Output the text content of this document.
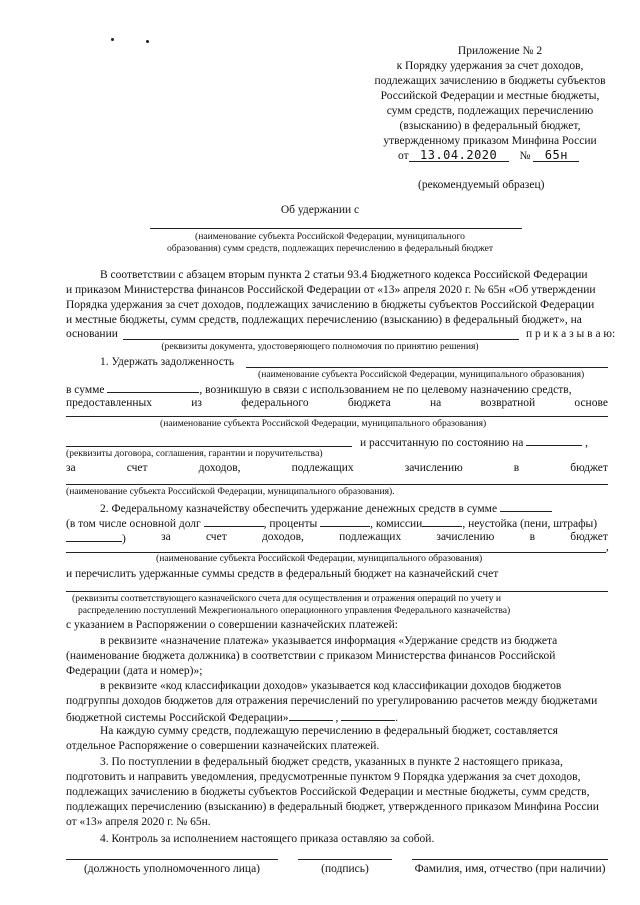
Приложение № 2
к Порядку удержания за счет доходов,
подлежащих зачислению в бюджеты субъектов
Российской Федерации и местные бюджеты,
сумм средств, подлежащих перечислению
(взысканию) в федеральный бюджет,
утвержденному приказом Минфина России
от 13.04.2020 № 65н
(рекомендуемый образец)
Об удержании с
(наименование субъекта Российской Федерации, муниципального
образования) сумм средств, подлежащих перечислению в федеральный бюджет
В соответствии с абзацем вторым пункта 2 статьи 93.4 Бюджетного кодекса Российской Федерации
и приказом Министерства финансов Российской Федерации от «13» апреля 2020 г. № 65н «Об утверждении
Порядка удержания за счет доходов, подлежащих зачислению в бюджеты субъектов Российской Федерации
и местные бюджеты, сумм средств, подлежащих перечислению (взысканию) в федеральный бюджет», на
основании	п р и к а з ы в а ю:
(реквизиты документа, удостоверяющего полномочия по принятию решения)
1. Удержать задолженность
(наименование субъекта Российской Федерации, муниципального образования)
в сумме	, возникшую в связи с использованием не по целевому назначению средств,
предоставленных	из	федерального	бюджета	на	возвратной	основе
(наименование субъекта Российской Федерации, муниципального образования)
и рассчитанную по состоянию на	,
(реквизиты договора, соглашения, гарантии и поручительства)
за	счет	доходов,	подлежащих	зачислению	в	бюджет
(наименование субъекта Российской Федерации, муниципального образования).
2. Федеральному казначейству обеспечить удержание денежных средств в сумме
(в том числе основной долг	, проценты	, комиссии	, неустойка (пени, штрафы)
)	за	счет	доходов,	подлежащих	зачислению	в	бюджет
,
(наименование субъекта Российской Федерации, муниципального образования)
и перечислить удержанные суммы средств в федеральный бюджет на казначейский счет
(реквизиты соответствующего казначейского счета для осуществления и отражения операций по учету и
распределению поступлений Межрегионального операционного управления Федерального казначейства)
с указанием в Распоряжении о совершении казначейских платежей:
в реквизите «назначение платежа» указывается информация «Удержание средств из бюджета
(наименование бюджета должника) в соответствии с приказом Министерства финансов Российской
Федерации (дата и номер)»;
в реквизите «код классификации доходов» указывается код классификации доходов бюджетов
подгруппы доходов бюджетов для отражения перечислений по урегулированию расчетов между бюджетами
бюджетной системы Российской Федерации»	,	.
На каждую сумму средств, подлежащую перечислению в федеральный бюджет, составляется
отдельное Распоряжение о совершении казначейских платежей.
3. По поступлении в федеральный бюджет средств, указанных в пункте 2 настоящего приказа,
подготовить и направить уведомления, предусмотренные пунктом 9 Порядка удержания за счет доходов,
подлежащих зачислению в бюджеты субъектов Российской Федерации и местные бюджеты, сумм средств,
подлежащих перечислению (взысканию) в федеральный бюджет, утвержденного приказом Минфина России
от «13» апреля 2020 г. № 65н.
4. Контроль за исполнением настоящего приказа оставляю за собой.
(должность уполномоченного лица)	(подпись)	Фамилия, имя, отчество (при наличии)
